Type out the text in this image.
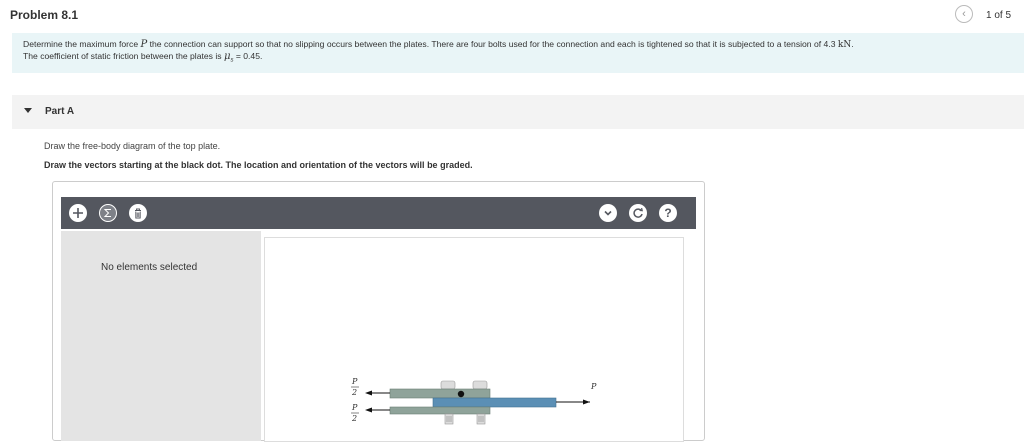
Problem 8.1	‹ 1 of 5
Determine the maximum force P the connection can support so that no slipping occurs between the plates. There are four bolts used for the connection and each is tightened so that it is subjected to a tension of 4.3 kN.
The coefficient of static friction between the plates is $\mu_s = 0.45$.
Part A
Draw the free-body diagram of the top plate.
Draw the vectors starting at the black dot. The location and orientation of the vectors will be graded.
?
No elements selected
P
P
2
P
2
